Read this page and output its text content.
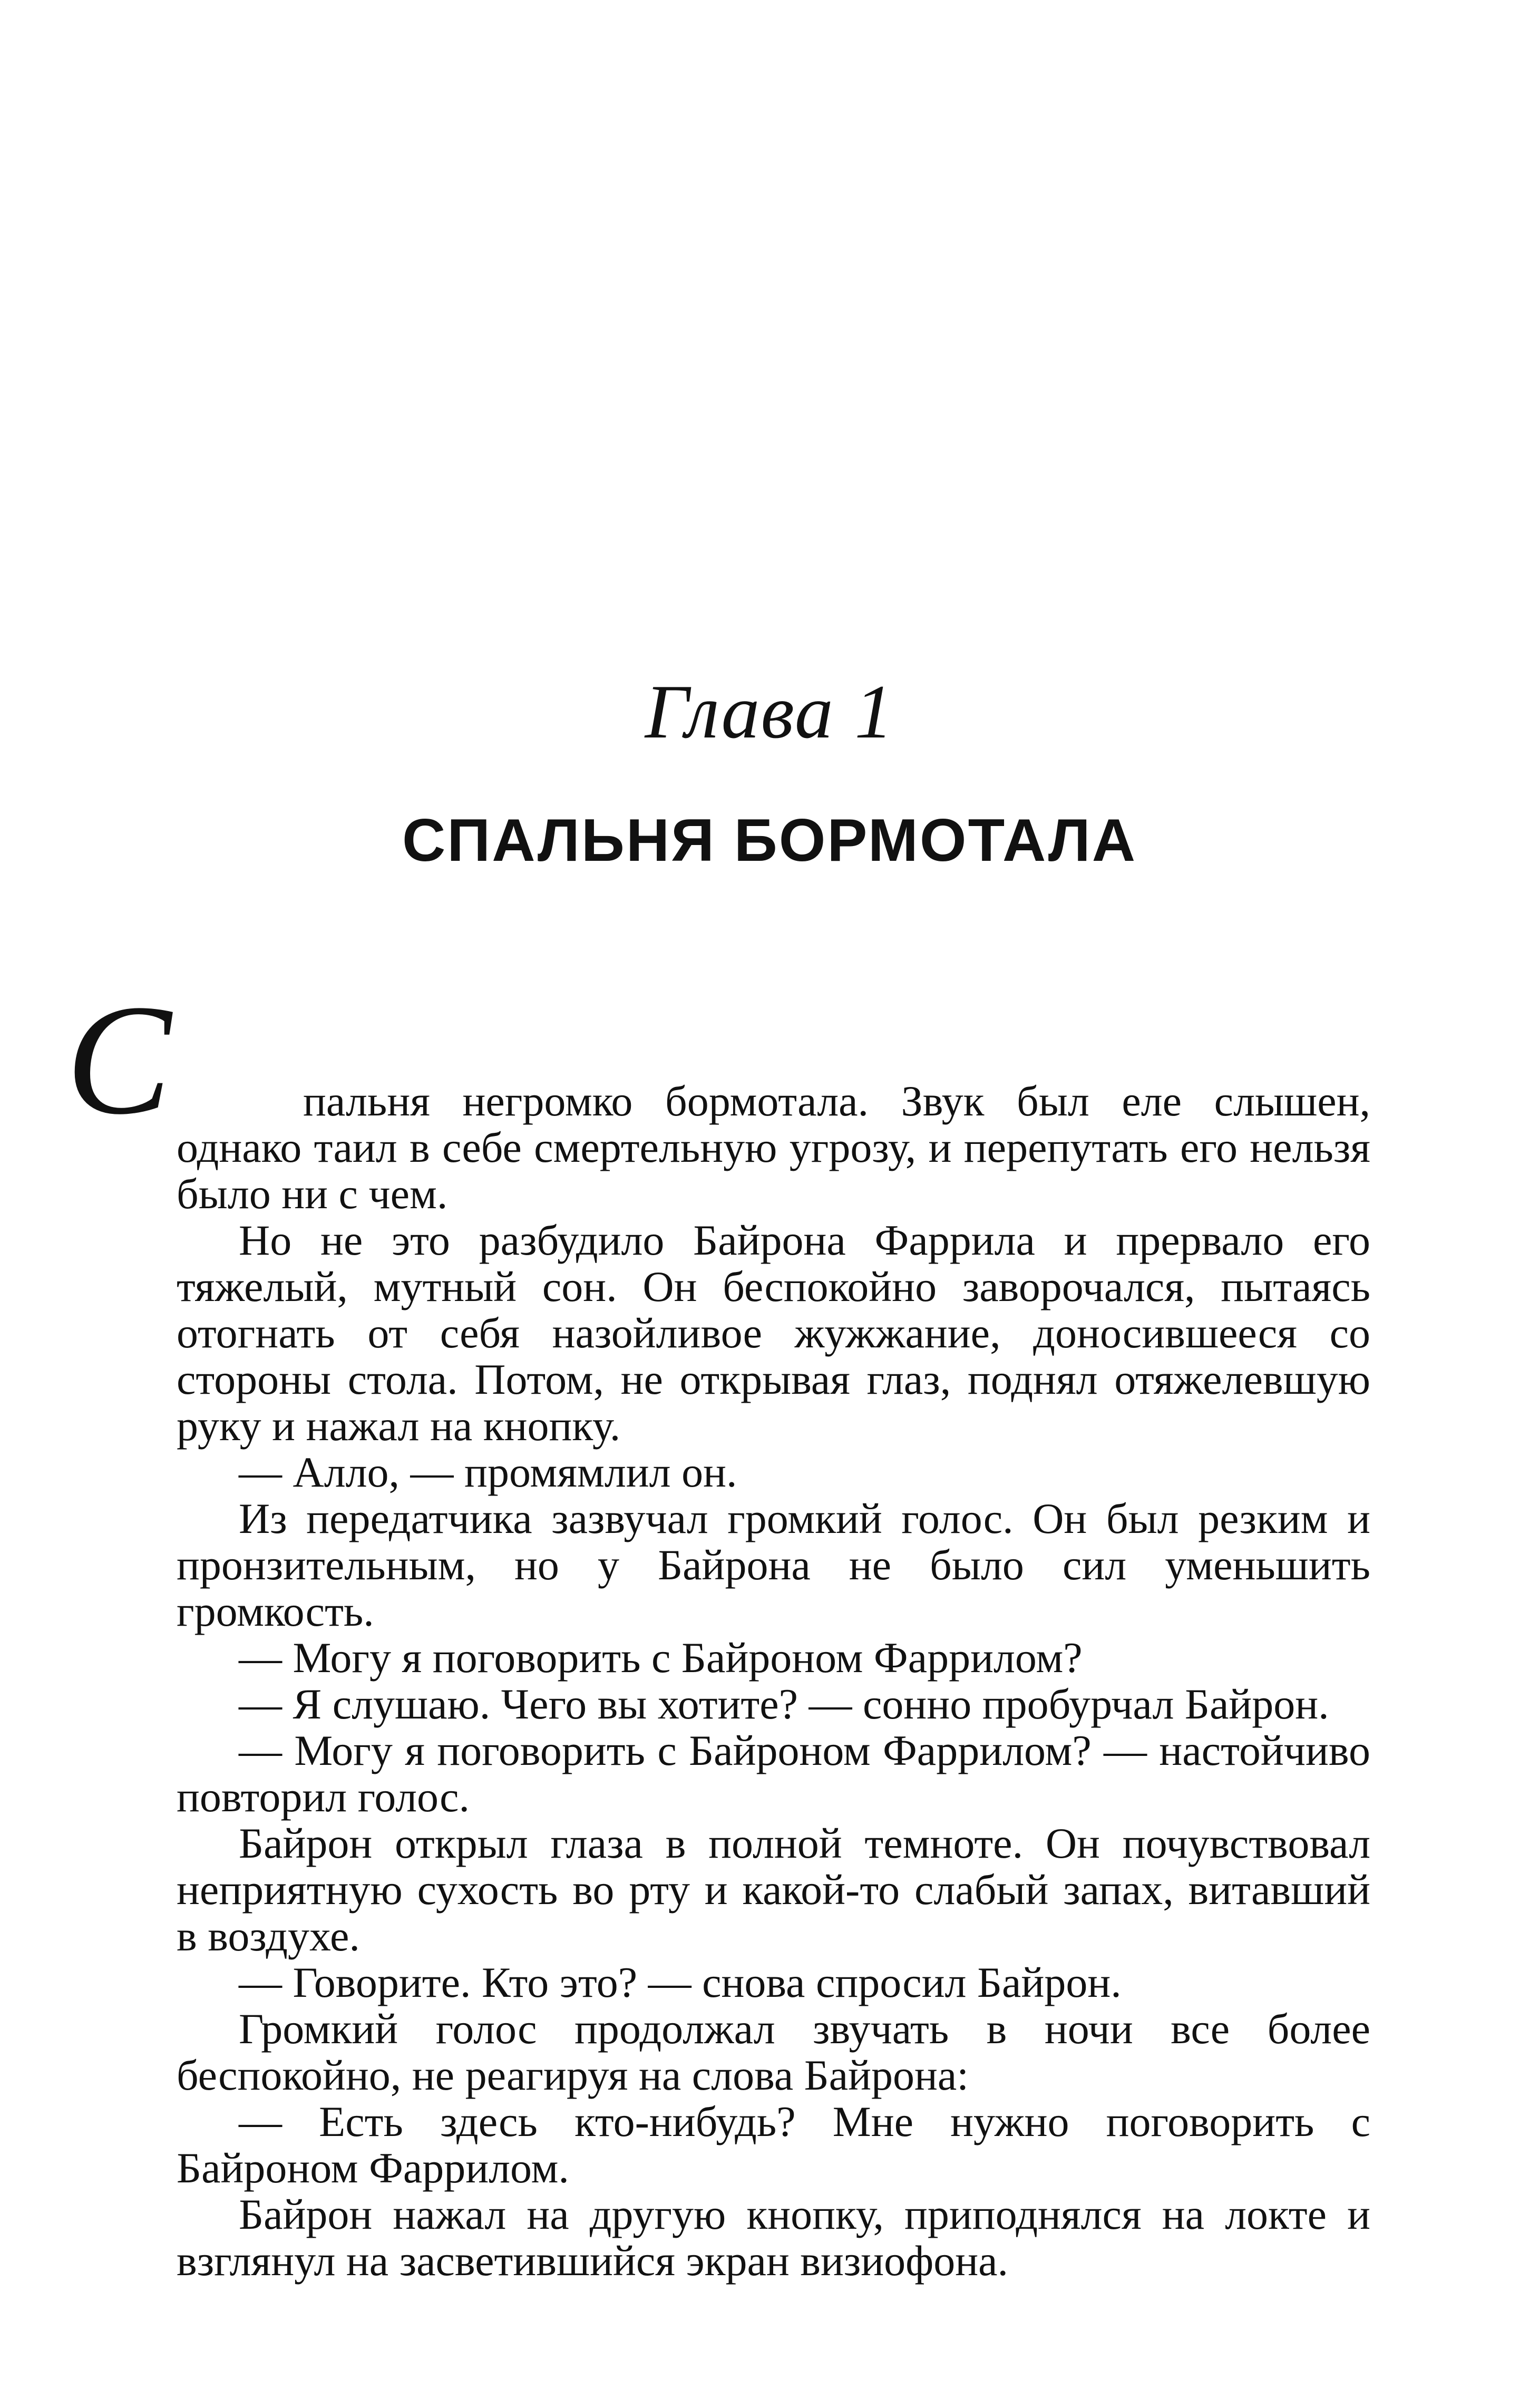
Глава 1
СПАЛЬНЯ БОРМОТАЛА
С	пальня негромко бормотала. Звук был еле слышен, однако таил в себе смертельную угрозу, и перепутать его нельзя было ни с чем.

Но не это разбудило Байрона Фаррила и прервало его тяжелый, мутный сон. Он беспокойно заворочался, пытаясь отогнать от себя назойливое жужжание, доносившееся со стороны стола. Потом, не открывая глаз, поднял отяжелевшую руку и нажал на кнопку.

— Алло, — промямлил он.

Из передатчика зазвучал громкий голос. Он был резким и пронзительным, но у Байрона не было сил уменьшить громкость.

— Могу я поговорить с Байроном Фаррилом?

— Я слушаю. Чего вы хотите? — сонно пробурчал Байрон.

— Могу я поговорить с Байроном Фаррилом? — настойчиво повторил голос.

Байрон открыл глаза в полной темноте. Он почувствовал неприятную сухость во рту и какой-то слабый запах, витавший в воздухе.

— Говорите. Кто это? — снова спросил Байрон.

Громкий голос продолжал звучать в ночи все более беспокойно, не реагируя на слова Байрона:

— Есть здесь кто-нибудь? Мне нужно поговорить с Байроном Фаррилом.

Байрон нажал на другую кнопку, приподнялся на локте и взглянул на засветившийся экран визиофона.
